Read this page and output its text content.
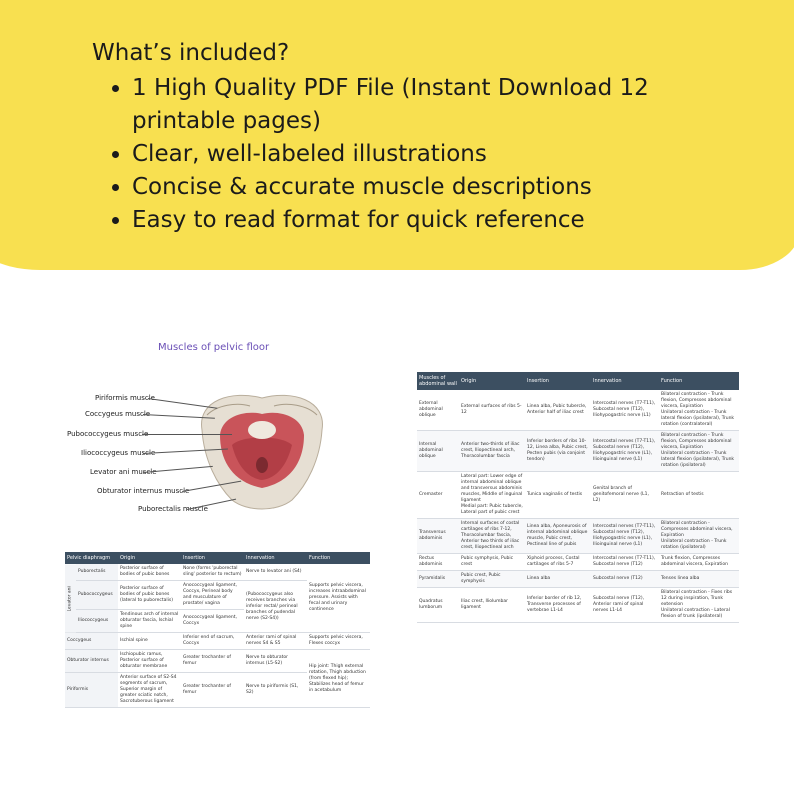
What’s included?
• 1 High Quality PDF File (Instant Download 12 printable pages)
• Clear, well-labeled illustrations
• Concise & accurate muscle descriptions
• Easy to read format for quick reference
Muscles of pelvic floor
Piriformis muscle
Coccygeus muscle
Pubococcygeus muscle
Iliococcygeus muscle
Levator ani muscle
Obturator internus muscle
Puborectalis muscle
Pelvic diaphragm		Origin	Insertion	Innervation	Function
Levator ani	Puborectalis	Posterior surface of bodies of pubic bones	None (forms 'puborectal sling' posterior to rectum)	Nerve to levator ani (S4)	Supports pelvic viscera, increases intraabdominal pressure. Assists with fecal and urinary continence
	Pubococcygeus	Posterior surface of bodies of pubic bones (lateral to puborectalis)	Anococcygeal ligament, Coccyx, Perineal body and musculature of prostate/ vagina	(Pubococcygeus also receives branches via inferior rectal/ perineal branches of pudendal nerve (S2-S4))	
	Iliococcygeus	Tendinous arch of internal obturator fascia, Ischial spine	Anococcygeal ligament, Coccyx		
Coccygeus		Ischial spine	Inferior end of sacrum, Coccyx	Anterior rami of spinal nerves S4 & S5	Supports pelvic viscera, Flexes coccyx
Obturator internus		Ischiopubic ramus, Posterior surface of obturator membrane	Greater trochanter of femur	Nerve to obturator internus (L5-S2)	Hip joint: Thigh external rotation, Thigh abduction (from flexed hip); Stabilizes head of femur in acetabulum
Piriformis		Anterior surface of S2-S4 segments of sacrum, Superior margin of greater sciatic notch, Sacrotuberous ligament	Greater trochanter of femur	Nerve to piriformis (S1, S2)	
Muscles of abdominal wall	Origin	Insertion	Innervation	Function
External abdominal oblique	External surfaces of ribs 5-12	Linea alba, Pubic tubercle, Anterior half of iliac crest	Intercostal nerves (T7-T11), Subcostal nerve (T12), Iliohypogastric nerve (L1)	Bilateral contraction - Trunk flexion, Compresses abdominal viscera, Expiration
Unilateral contraction - Trunk lateral flexion (ipsilateral), Trunk rotation (contralateral)
Internal abdominal oblique	Anterior two-thirds of iliac crest, Iliopectineal arch, Thoracolumbar fascia	Inferior borders of ribs 10-12, Linea alba, Pubic crest, Pecten pubis (via conjoint tendon)	Intercostal nerves (T7-T11), Subcostal nerve (T12), Iliohypogastric nerve (L1), Ilioinguinal nerve (L1)	Bilateral contraction - Trunk flexion, Compresses abdominal viscera, Expiration
Unilateral contraction - Trunk lateral flexion (ipsilateral), Trunk rotation (ipsilateral)
Cremaster	Lateral part: Lower edge of internal abdominal oblique and transversus abdominis muscles, Middle of inguinal ligament
Medial part: Pubic tubercle, Lateral part of pubic crest	Tunica vaginalis of testis	Genital branch of genitofemoral nerve (L1, L2)	Retraction of testis
Transversus abdominis	Internal surfaces of costal cartilages of ribs 7-12, Thoracolumbar fascia, Anterior two thirds of iliac crest, Iliopectineal arch	Linea alba, Aponeurosis of internal abdominal oblique muscle, Pubic crest, Pectineal line of pubis	Intercostal nerves (T7-T11), Subcostal nerve (T12), Iliohypogastric nerve (L1), Ilioinguinal nerve (L1)	Bilateral contraction - Compresses abdominal viscera, Expiration
Unilateral contraction - Trunk rotation (ipsilateral)
Rectus abdominis	Pubic symphysis, Pubic crest	Xiphoid process, Costal cartilages of ribs 5-7	Intercostal nerves (T7-T11), Subcostal nerve (T12)	Trunk flexion, Compresses abdominal viscera, Expiration
Pyramidalis	Pubic crest, Pubic symphysis	Linea alba	Subcostal nerve (T12)	Tenses linea alba
Quadratus lumborum	Iliac crest, Iliolumbar ligament	Inferior border of rib 12, Transverse processes of vertebrae L1-L4	Subcostal nerve (T12), Anterior rami of spinal nerves L1-L4	Bilateral contraction - Fixes ribs 12 during inspiration, Trunk extension
Unilateral contraction - Lateral flexion of trunk (ipsilateral)
